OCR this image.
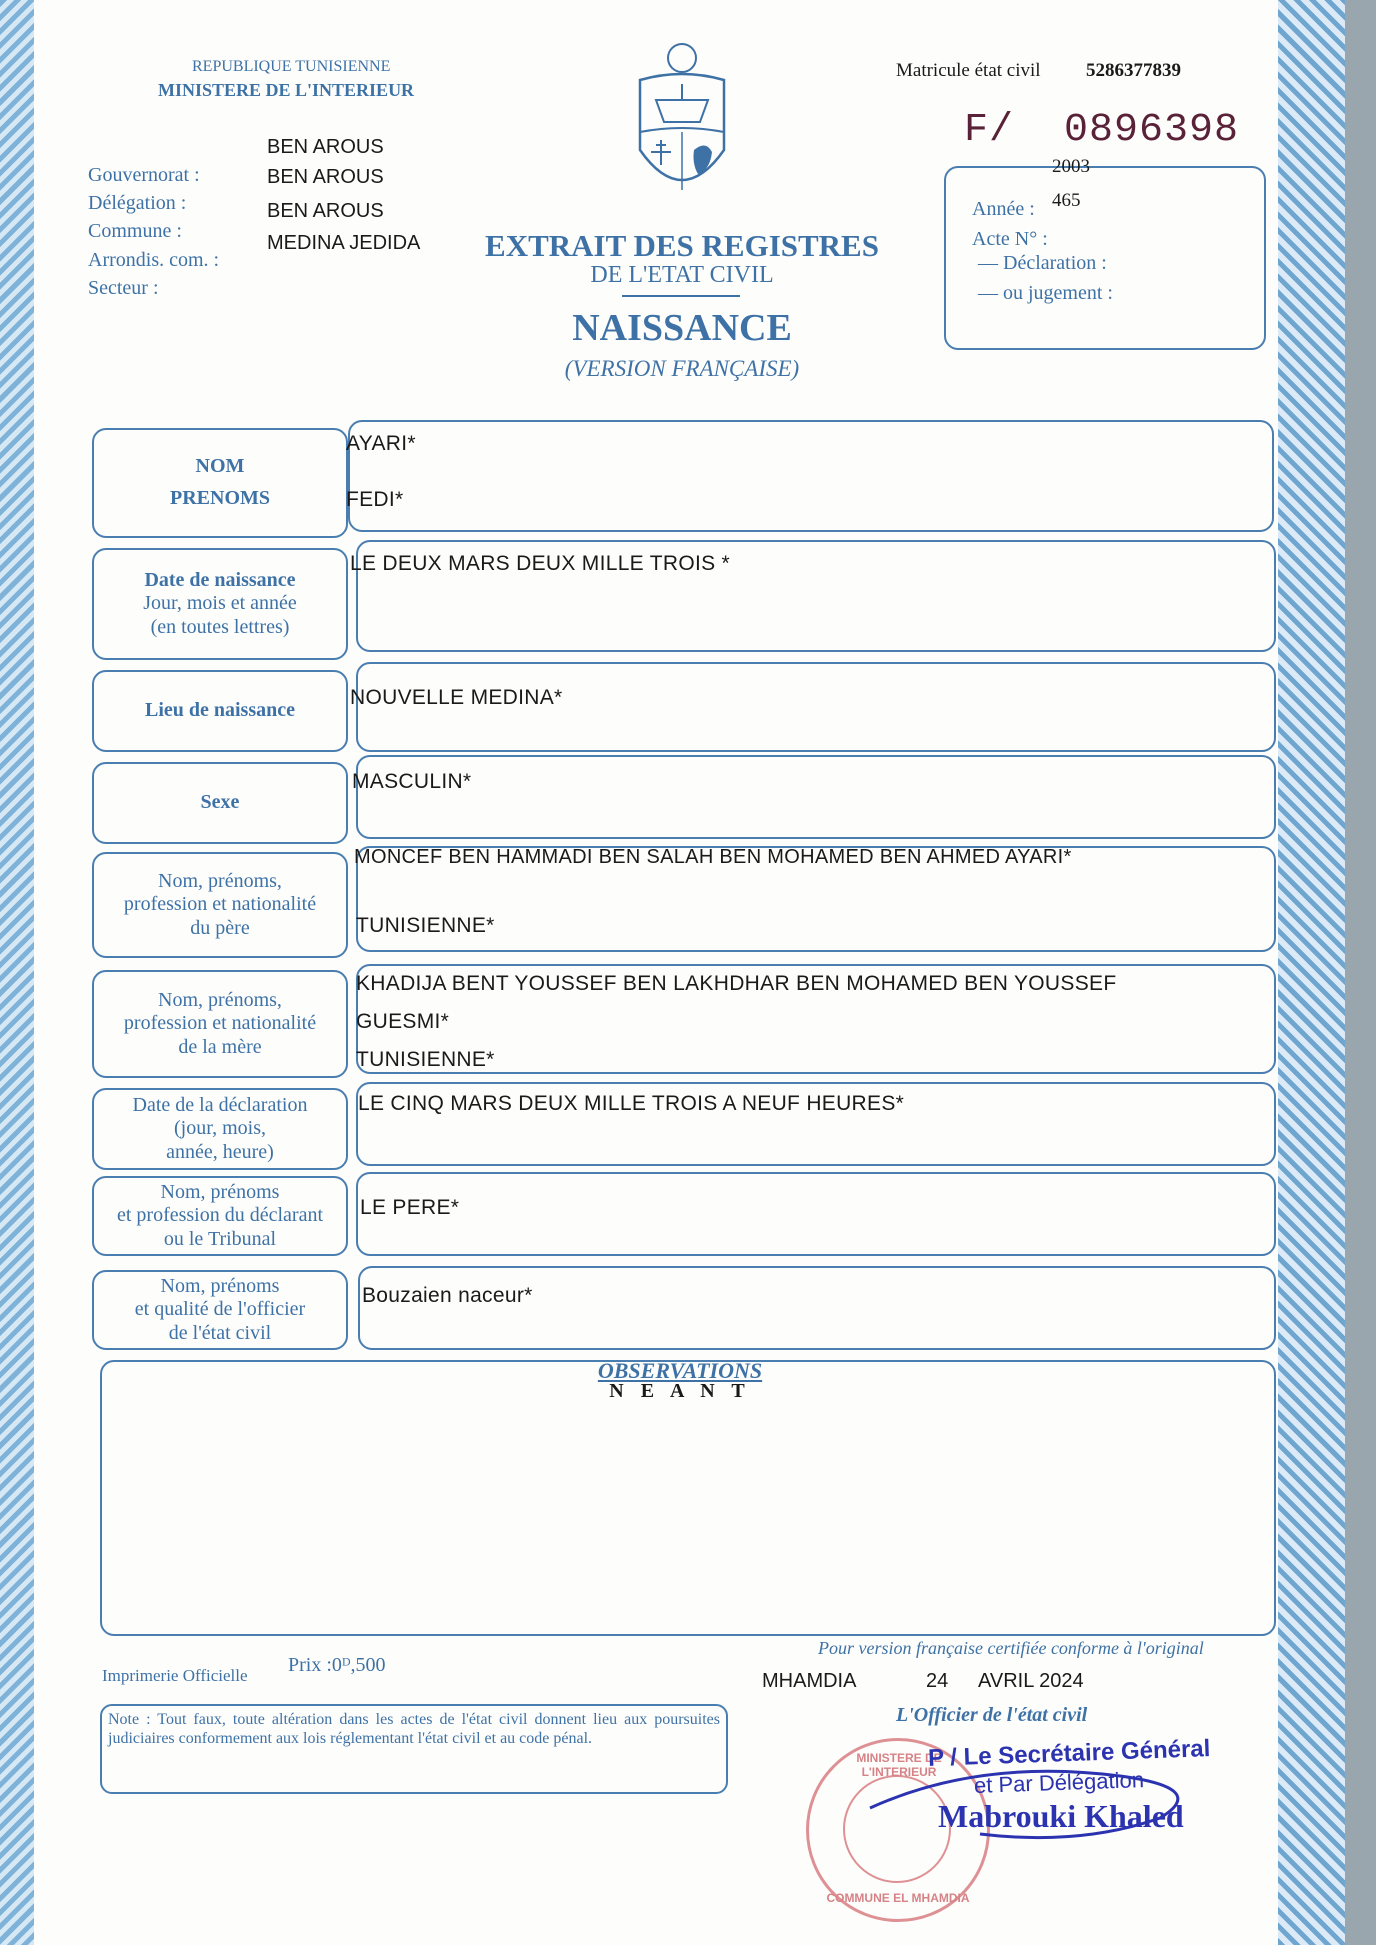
REPUBLIQUE TUNISIENNE
MINISTERE DE L'INTERIEUR
Matricule état civil 5286377839
F/  0896398
Année :
2003
Acte N° :
465
— Déclaration :
— ou jugement :
Gouvernorat :
Délégation :
Commune :
Arrondis. com. :
Secteur :
BEN AROUS
BEN AROUS
BEN AROUS
MEDINA JEDIDA	EXTRAIT DES REGISTRES
DE L'ETAT CIVIL
NAISSANCE
(VERSION FRANÇAISE)
NOM
PRENOMS
AYARI*
FEDI*
Date de naissance
Jour, mois et année
(en toutes lettres)
LE DEUX MARS DEUX MILLE TROIS *
Lieu de naissance
NOUVELLE MEDINA*
Sexe
MASCULIN*
Nom, prénoms,
profession et nationalité
du père
MONCEF BEN HAMMADI BEN SALAH BEN MOHAMED BEN AHMED AYARI*
TUNISIENNE*
Nom, prénoms,
profession et nationalité
de la mère
KHADIJA BENT YOUSSEF BEN LAKHDHAR BEN MOHAMED BEN YOUSSEF
GUESMI*
TUNISIENNE*
Date de la déclaration
(jour, mois,
année, heure)
LE CINQ MARS DEUX MILLE TROIS A NEUF HEURES*
Nom, prénoms
et profession du déclarant
ou le Tribunal
LE PERE*
Nom, prénoms
et qualité de l'officier
de l'état civil
Bouzaien naceur*
OBSERVATIONS
N E A N T
Imprimerie Officielle Prix :0ᴰ,500
Note : Tout faux, toute altération dans les actes de l'état civil donnent lieu aux poursuites judiciaires conformement aux lois réglementant l'état civil et au code pénal.
Pour version française certifiée conforme à l'original
MHAMDIA	24 AVRIL 2024
L'Officier de l'état civil
MINISTERE DE L'INTERIEUR
COMMUNE EL MHAMDIA
P / Le Secrétaire Général
et Par Délégation
Mabrouki Khaled
